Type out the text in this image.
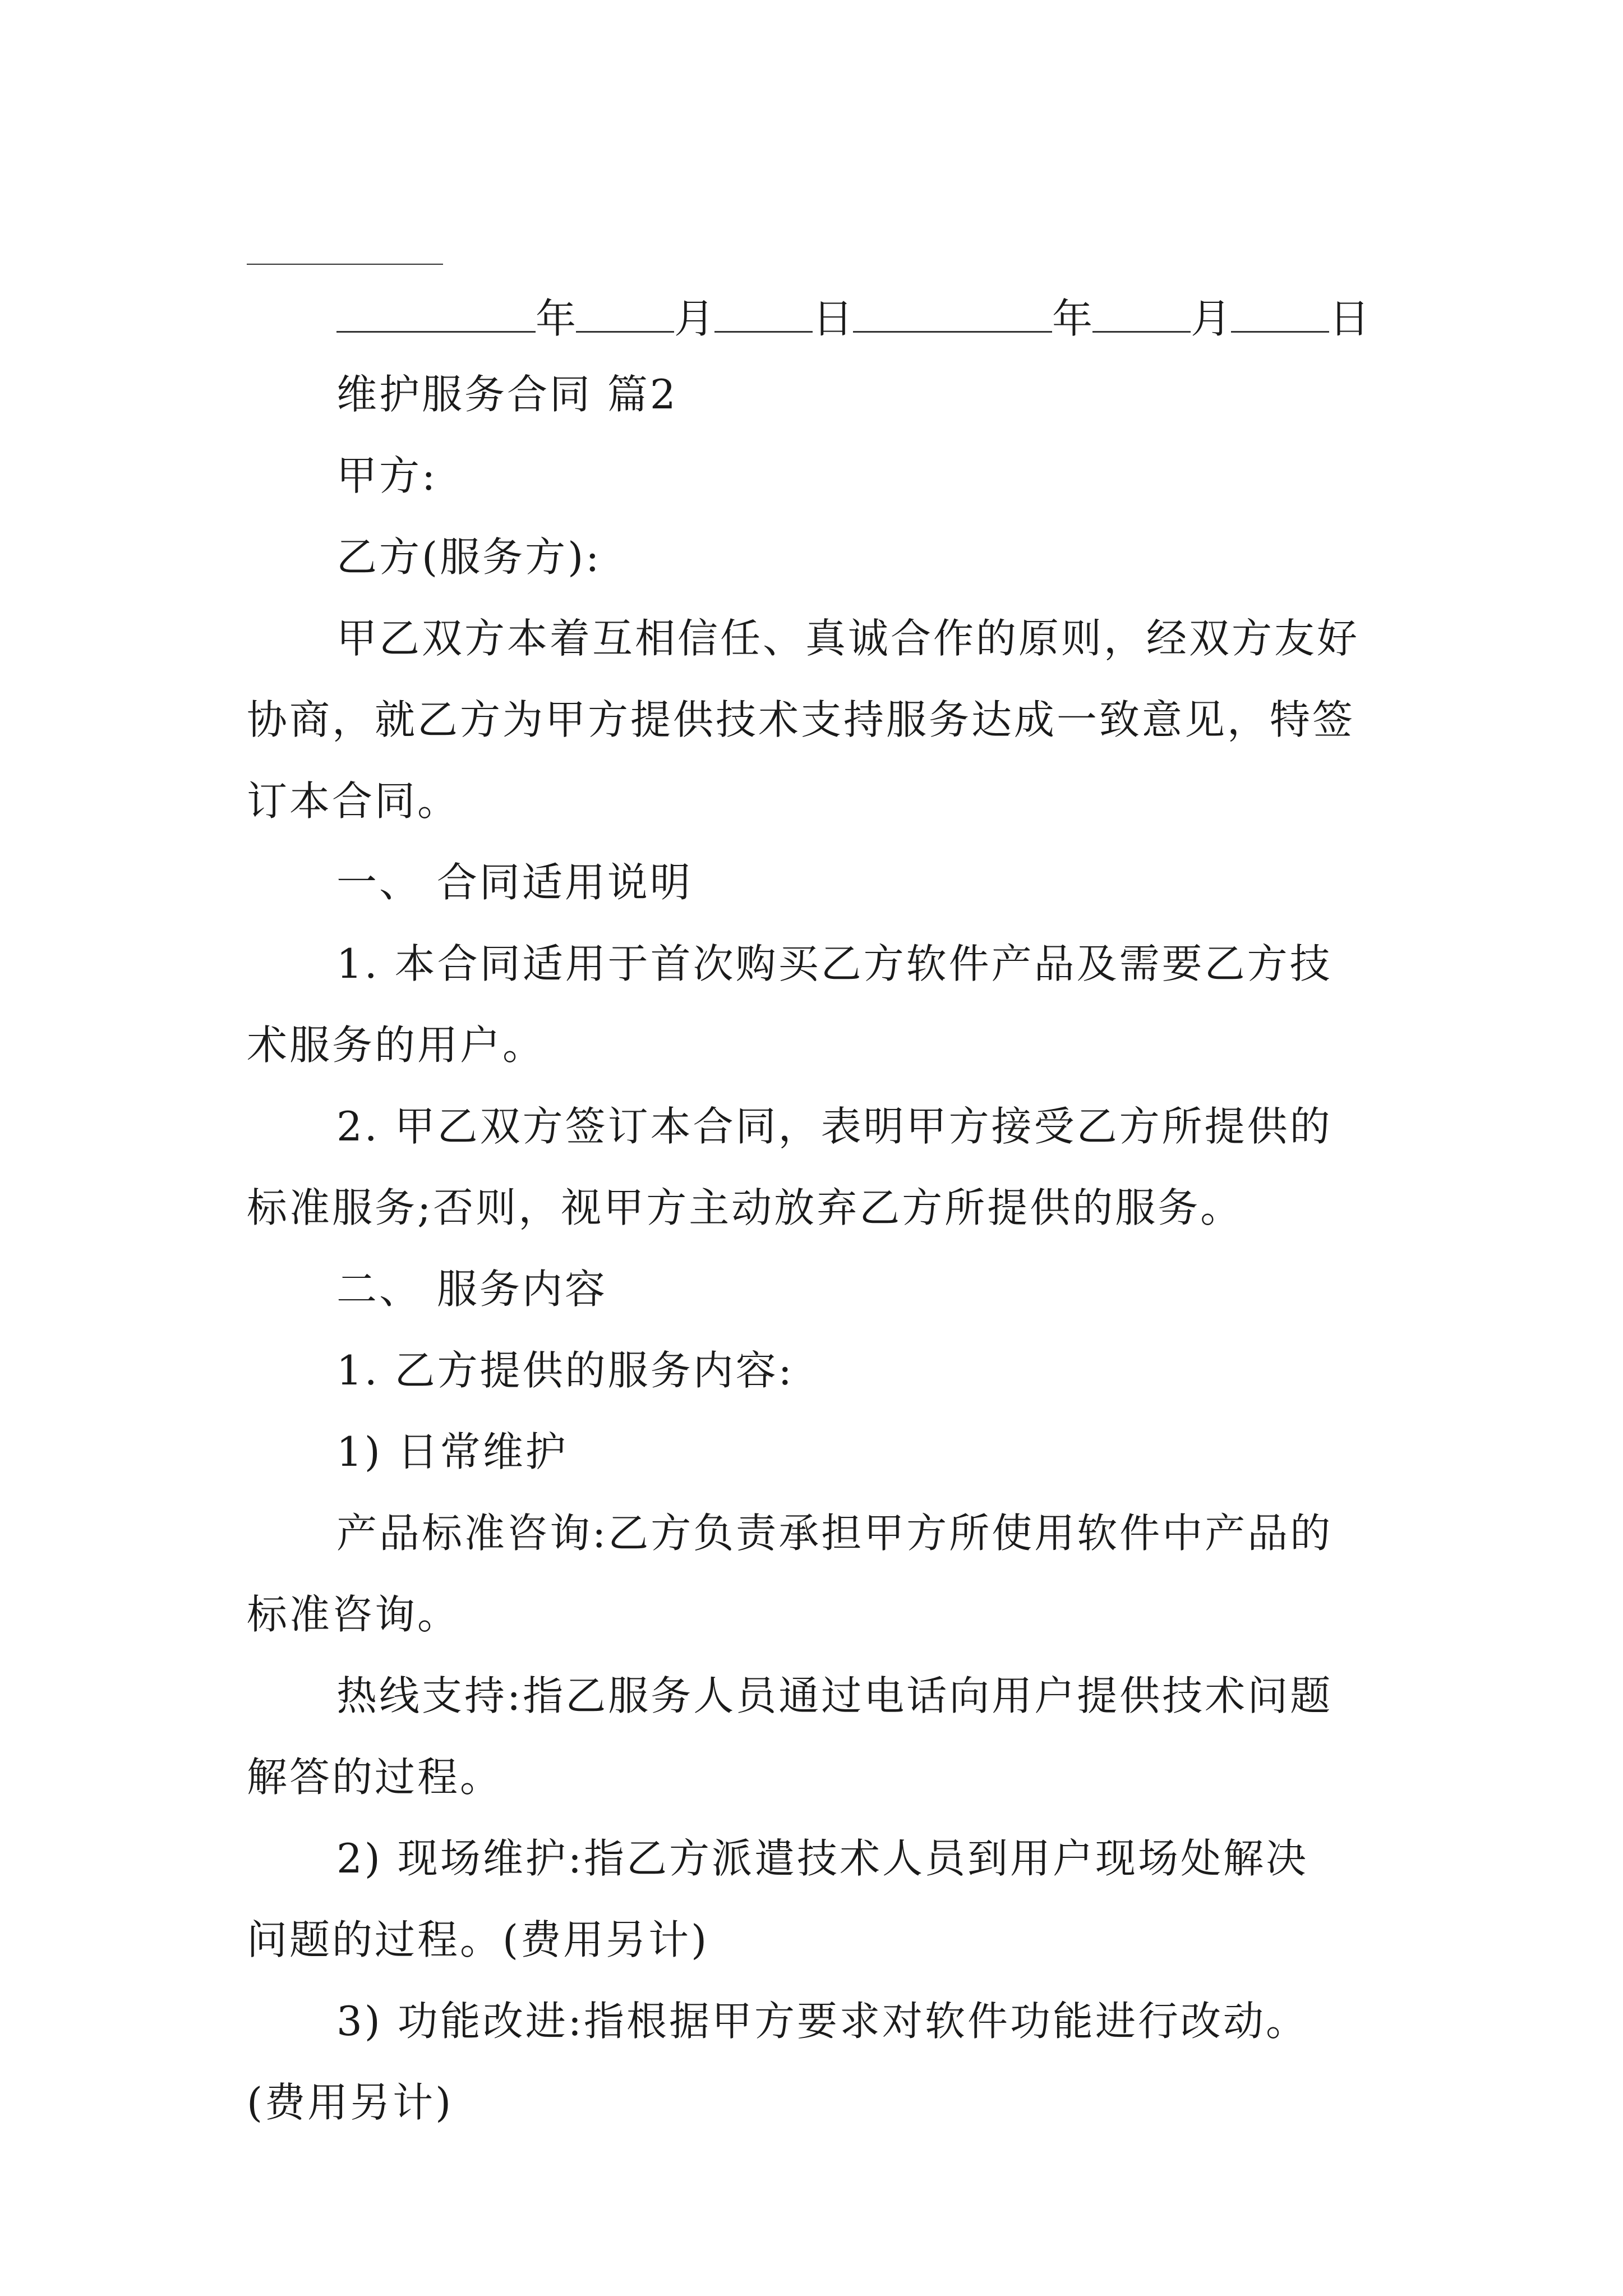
年 月 日	年 月 日
维护服务合同 篇2
甲方:
乙方(服务方):
甲乙双方本着互相信任、真诚合作的原则，经双方友好
协商，就乙方为甲方提供技术支持服务达成一致意见，特签
订本合同。
一、 合同适用说明
1. 本合同适用于首次购买乙方软件产品及需要乙方技
术服务的用户。
2. 甲乙双方签订本合同，表明甲方接受乙方所提供的
标准服务;否则，视甲方主动放弃乙方所提供的服务。
二、 服务内容
1. 乙方提供的服务内容:
1) 日常维护
产品标准咨询:乙方负责承担甲方所使用软件中产品的
标准咨询。
热线支持:指乙服务人员通过电话向用户提供技术问题
解答的过程。
2) 现场维护:指乙方派遣技术人员到用户现场处解决
问题的过程。(费用另计)
3) 功能改进:指根据甲方要求对软件功能进行改动。
(费用另计)
